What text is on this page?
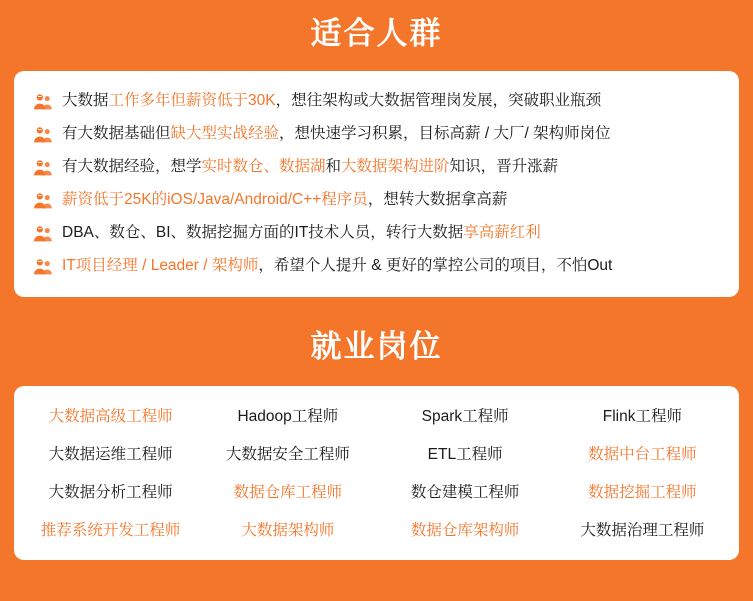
适合人群
大数据工作多年但薪资低于30K，想往架构或大数据管理岗发展，突破职业瓶颈
有大数据基础但缺大型实战经验，想快速学习积累，目标高薪 / 大厂/ 架构师岗位
有大数据经验，想学实时数仓、数据湖和大数据架构进阶知识，晋升涨薪
薪资低于25K的iOS/Java/Android/C++程序员，想转大数据拿高薪
DBA、数仓、BI、数据挖掘方面的IT技术人员，转行大数据享高薪红利
IT项目经理 / Leader / 架构师，希望个人提升 & 更好的掌控公司的项目，不怕Out
就业岗位
大数据高级工程师	Hadoop工程师	Spark工程师	Flink工程师
大数据运维工程师	大数据安全工程师	ETL工程师	数据中台工程师
大数据分析工程师	数据仓库工程师	数仓建模工程师	数据挖掘工程师
推荐系统开发工程师	大数据架构师	数据仓库架构师	大数据治理工程师
